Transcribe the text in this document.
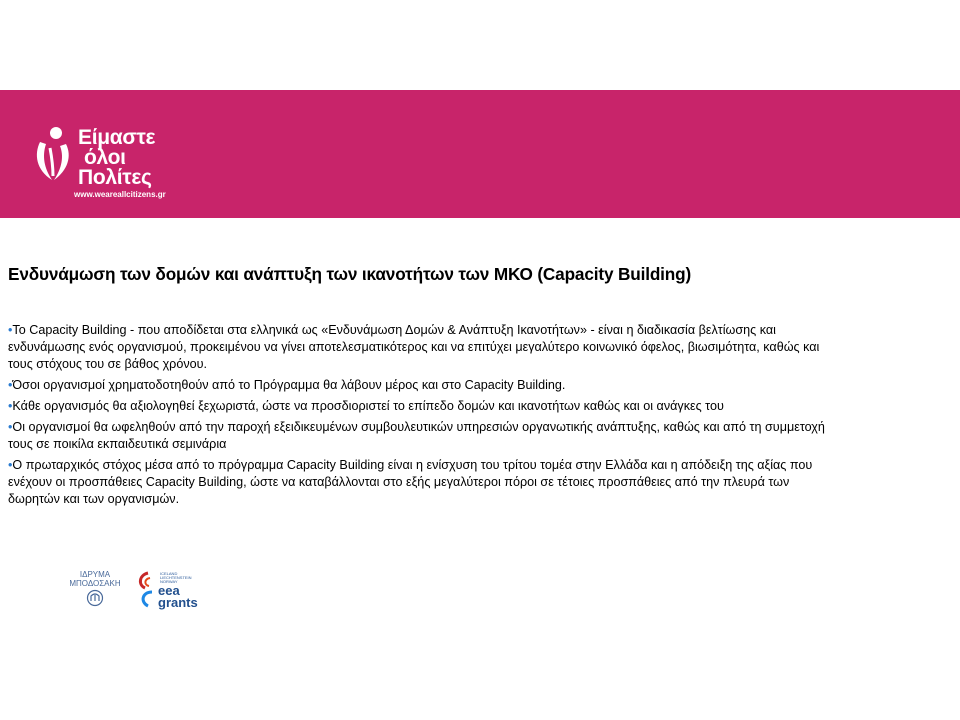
Είμαστε
όλοι
Πολίτες
www.weareallcitizens.gr
Ενδυνάμωση των δομών και ανάπτυξη των ικανοτήτων των ΜΚΟ (Capacity Building)

•Το Capacity Building - που αποδίδεται στα ελληνικά ως «Ενδυνάμωση Δομών & Ανάπτυξη Ικανοτήτων» - είναι η διαδικασία βελτίωσης και ενδυνάμωσης ενός οργανισμού, προκειμένου να γίνει αποτελεσματικότερος και να επιτύχει μεγαλύτερο κοινωνικό όφελος, βιωσιμότητα, καθώς και τους στόχους του σε βάθος χρόνου.

•Όσοι οργανισμοί χρηματοδοτηθούν από το Πρόγραμμα θα λάβουν μέρος και στο Capacity Building.

•Κάθε οργανισμός θα αξιολογηθεί ξεχωριστά, ώστε να προσδιοριστεί το επίπεδο δομών και ικανοτήτων καθώς και οι ανάγκες του

•Οι οργανισμοί θα ωφεληθούν από την παροχή εξειδικευμένων συμβουλευτικών υπηρεσιών οργανωτικής ανάπτυξης, καθώς και από τη συμμετοχή τους σε ποικίλα εκπαιδευτικά σεμινάρια

•Ο πρωταρχικός στόχος μέσα από το πρόγραμμα Capacity Building είναι η ενίσχυση του τρίτου τομέα στην Ελλάδα και η απόδειξη της αξίας που ενέχουν οι προσπάθειες Capacity Building, ώστε να καταβάλλονται στο εξής μεγαλύτεροι πόροι σε τέτοιες προσπάθειες από την πλευρά των δωρητών και των οργανισμών.

ΙΔΡΥΜΑ
ΜΠΟΔΟΣΑΚΗ
ICELAND LIECHTENSTEIN NORWAY
eea
grants
